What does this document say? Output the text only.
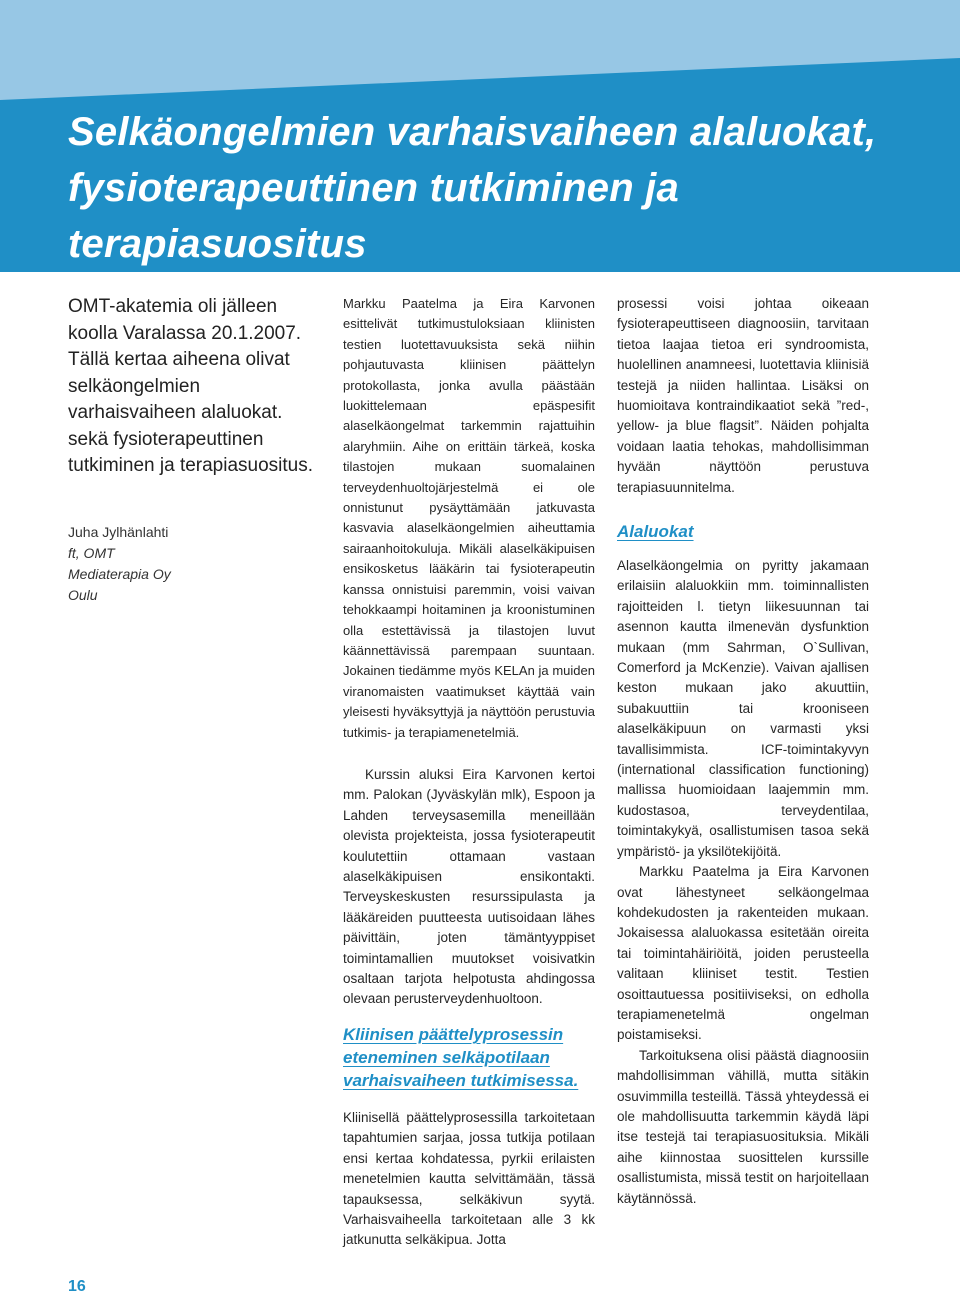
Selkäongelmien varhaisvaiheen alaluokat, fysioterapeuttinen tutkiminen ja terapiasuositus

OMT-akatemia oli jälleen koolla Varalassa 20.1.2007. Tällä kertaa aiheena olivat selkäongelmien varhaisvaiheen alaluokat. sekä fysioterapeuttinen tutkiminen ja terapiasuositus.

Juha Jylhänlahti
ft, OMT
Mediaterapia Oy
Oulu

Markku Paatelma ja Eira Karvonen esittelivät tutkimustuloksiaan kliinisten testien luotettavuuksista sekä niihin pohjautuvasta kliinisen päättelyn protokollasta, jonka avulla päästään luokittelemaan epäspesifit alaselkäongelmat tarkemmin rajattuihin alaryhmiin. Aihe on erittäin tärkeä, koska tilastojen mukaan suomalainen terveydenhuoltojärjestelmä ei ole onnistunut pysäyttämään jatkuvasta kasvavia alaselkäongelmien aiheuttamia sairaanhoitokuluja. Mikäli alaselkäkipuisen ensikosketus lääkärin tai fysioterapeutin kanssa onnistuisi paremmin, voisi vaivan tehokkaampi hoitaminen ja kroonistuminen olla estettävissä ja tilastojen luvut käännettävissä parempaan suuntaan. Jokainen tiedämme myös KELAn ja muiden viranomaisten vaatimukset käyttää vain yleisesti hyväksyttyjä ja näyttöön perustuvia tutkimis- ja terapiamenetelmiä.

Kurssin aluksi Eira Karvonen kertoi mm. Palokan (Jyväskylän mlk), Espoon ja Lahden terveysasemilla meneillään olevista projekteista, jossa fysioterapeutit koulutettiin ottamaan vastaan alaselkäkipuisen ensikontakti. Terveyskeskusten resurssipulasta ja lääkäreiden puutteesta uutisoidaan lähes päivittäin, joten tämäntyyppiset toimintamallien muutokset voisivatkin osaltaan tarjota helpotusta ahdingossa olevaan perusterveydenhuoltoon.

Kliinisen päättelyprosessin eteneminen selkäpotilaan varhaisvaiheen tutkimisessa.

Kliinisellä päättelyprosessilla tarkoitetaan tapahtumien sarjaa, jossa tutkija potilaan ensi kertaa kohdatessa, pyrkii erilaisten menetelmien kautta selvittämään, tässä tapauksessa, selkäkivun syytä. Varhaisvaiheella tarkoitetaan alle 3 kk jatkunutta selkäkipua. Jotta

prosessi voisi johtaa oikeaan fysioterapeuttiseen diagnoosiin, tarvitaan tietoa laajaa tietoa eri syndroomista, huolellinen anamneesi, luotettavia kliinisiä testejä ja niiden hallintaa. Lisäksi on huomioitava kontraindikaatiot sekä ”red-, yellow- ja blue flagsit”. Näiden pohjalta voidaan laatia tehokas, mahdollisimman hyvään näyttöön perustuva terapiasuunnitelma.

Alaluokat

Alaselkäongelmia on pyritty jakamaan erilaisiin alaluokkiin mm. toiminnallisten rajoitteiden l. tietyn liikesuunnan tai asennon kautta ilmenevän dysfunktion mukaan (mm Sahrman, O`Sullivan, Comerford ja McKenzie). Vaivan ajallisen keston mukaan jako akuuttiin, subakuuttiin tai krooniseen alaselkäkipuun on varmasti yksi tavallisimmista. ICF-toimintakyvyn (international classification functioning) mallissa huomioidaan laajemmin mm. kudostasoa, terveydentilaa, toimintakykyä, osallistumisen tasoa sekä ympäristö- ja yksilötekijöitä.

Markku Paatelma ja Eira Karvonen ovat lähestyneet selkäongelmaa kohdekudosten ja rakenteiden mukaan. Jokaisessa alaluokassa esitetään oireita tai toimintahäiriöitä, joiden perusteella valitaan kliiniset testit. Testien osoittautuessa positiiviseksi, on edholla terapiamenetelmä ongelman poistamiseksi.

Tarkoituksena olisi päästä diagnoosiin mahdollisimman vähillä, mutta sitäkin osuvimmilla testeillä. Tässä yhteydessä ei ole mahdollisuutta tarkemmin käydä läpi itse testejä tai terapiasuosituksia. Mikäli aihe kiinnostaa suosittelen kurssille osallistumista, missä testit on harjoitellaan käytännössä.

16
